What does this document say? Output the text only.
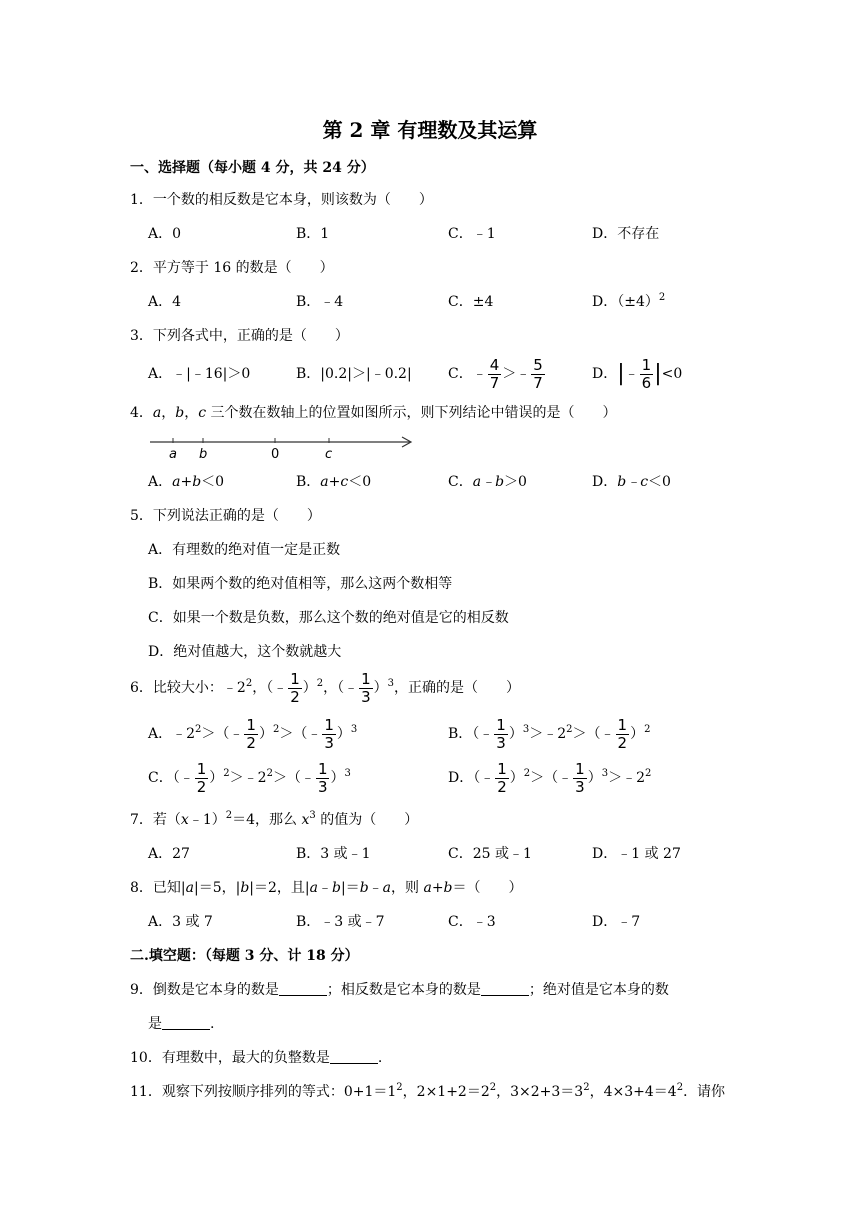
第 2 章 有理数及其运算
一、选择题（每小题 4 分，共 24 分）
1．一个数的相反数是它本身，则该数为（　　）
A．0	B．1	C．﹣1	D．不存在
2．平方等于 16 的数是（　　）
A．4	B．﹣4	C．±4	D．$(\pm 4)^2$
3．下列各式中，正确的是（　　）
A．﹣|﹣16|＞0	B．|0.2|＞|﹣0.2|	C．﹣ $\frac{4}{7}$ ＞﹣ $\frac{5}{7}$	D．|﹣ $\frac{1}{6} |<0$
4．a，b，c 三个数在数轴上的位置如图所示，则下列结论中错误的是（　　）
a b	0	c
A．a+b＜0	B．a+c＜0	C．a﹣b＞0	D．b﹣c＜0
5．下列说法正确的是（　　）
A．有理数的绝对值一定是正数
B．如果两个数的绝对值相等，那么这两个数相等
C．如果一个数是负数，那么这个数的绝对值是它的相反数
D．绝对值越大，这个数就越大
6．比较大小：$﹣2^2$，（﹣ $\frac{1}{2} )^2$，（﹣ $\frac{1}{3} )^3$，正确的是（　　）
A．$﹣2^2>(﹣ \frac{1}{2}$ ）$^2$＞（﹣ $\frac{1}{3} )^3$	B．（﹣ $\frac{1}{3}$ ）$^3>﹣2^2>(﹣ \frac{1}{2} )^2$
C．（﹣ $\frac{1}{2}$ ）$^2>﹣2^2>(﹣ \frac{1}{3} )^3$	D．（﹣ $\frac{1}{2}$ ）$^2$＞（﹣ $\frac{1}{3}$ ）$^3>﹣2^2$
7．若（x﹣1）$^2$＝4，那么 $x^3$ 的值为（　　）
A．27	B．3 或﹣1	C．25 或﹣1	D．﹣1 或 27
8．已知|a|＝5，|b|＝2，且|a﹣b|＝b﹣a，则 a+b＝（　　）
A．3 或 7	B．﹣3 或﹣7	C．﹣3	D．﹣7
二.填空题：（每题 3 分、计 18 分）
9．倒数是它本身的数是	；相反数是它本身的数是	；绝对值是它本身的数
是	.
10．有理数中，最大的负整数是	.
11．观察下列按顺序排列的等式：$0+1=1^2$，$2\times 1+2=2^2$，$3\times 2+3=3^2$，$4\times 3+4=4^2$．请你
